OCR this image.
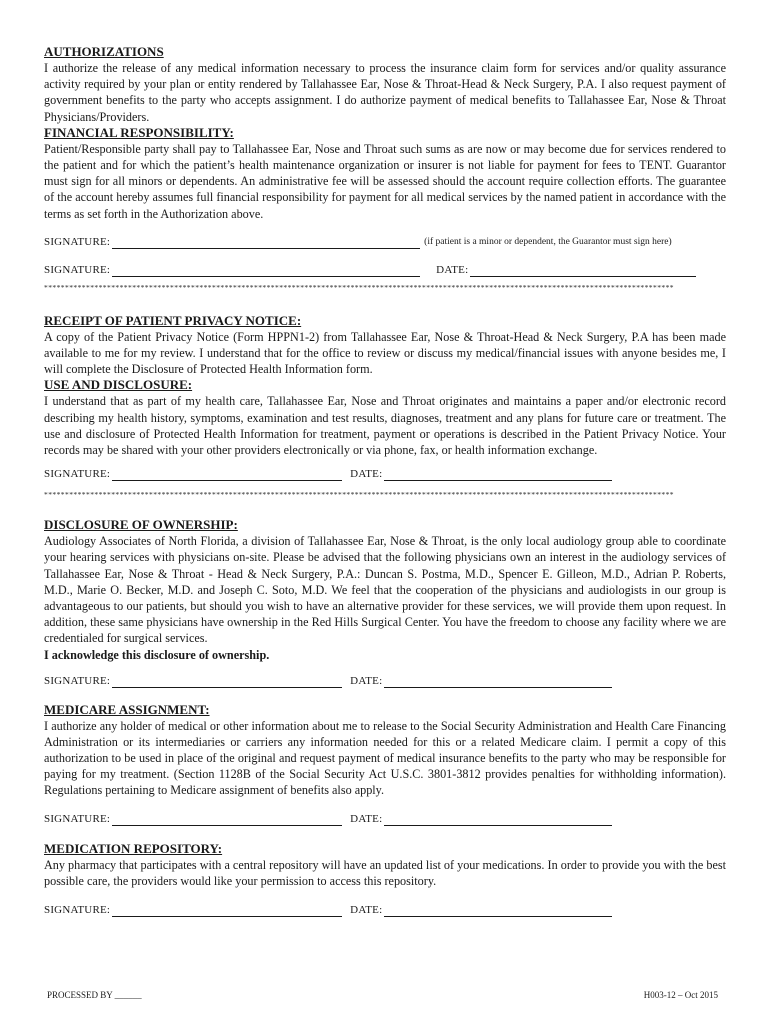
AUTHORIZATIONS

I authorize the release of any medical information necessary to process the insurance claim form for services and/or quality assurance activity required by your plan or entity rendered by Tallahassee Ear, Nose & Throat-Head & Neck Surgery, P.A. I also request payment of government benefits to the party who accepts assignment. I do authorize payment of medical benefits to Tallahassee Ear, Nose & Throat Physicians/Providers.

FINANCIAL RESPONSIBILITY:

Patient/Responsible party shall pay to Tallahassee Ear, Nose and Throat such sums as are now or may become due for services rendered to the patient and for which the patient’s health maintenance organization or insurer is not liable for payment for fees to TENT. Guarantor must sign for all minors or dependents. An administrative fee will be assessed should the account require collection efforts. The guarantee of the account hereby assumes full financial responsibility for payment for all medical services by the named patient in accordance with the terms as set forth in the Authorization above.

SIGNATURE:	(if patient is a minor or dependent, the Guarantor must sign here)
SIGNATURE:	DATE:
******************************************************************************************************************************************************

RECEIPT OF PATIENT PRIVACY NOTICE:

A copy of the Patient Privacy Notice (Form HPPN1-2) from Tallahassee Ear, Nose & Throat-Head & Neck Surgery, P.A has been made available to me for my review. I understand that for the office to review or discuss my medical/financial issues with anyone besides me, I will complete the Disclosure of Protected Health Information form.

USE AND DISCLOSURE:

I understand that as part of my health care, Tallahassee Ear, Nose and Throat originates and maintains a paper and/or electronic record describing my health history, symptoms, examination and test results, diagnoses, treatment and any plans for future care or treatment. The use and disclosure of Protected Health Information for treatment, payment or operations is described in the Patient Privacy Notice. Your records may be shared with your other providers electronically or via phone, fax, or health information exchange.

SIGNATURE:	DATE:
******************************************************************************************************************************************************

DISCLOSURE OF OWNERSHIP:

Audiology Associates of North Florida, a division of Tallahassee Ear, Nose & Throat, is the only local audiology group able to coordinate your hearing services with physicians on-site. Please be advised that the following physicians own an interest in the audiology services of Tallahassee Ear, Nose & Throat - Head & Neck Surgery, P.A.: Duncan S. Postma, M.D., Spencer E. Gilleon, M.D., Adrian P. Roberts, M.D., Marie O. Becker, M.D. and Joseph C. Soto, M.D. We feel that the cooperation of the physicians and audiologists in our group is advantageous to our patients, but should you wish to have an alternative provider for these services, we will provide them upon request. In addition, these same physicians have ownership in the Red Hills Surgical Center. You have the freedom to choose any facility where we are credentialed for surgical services.

I acknowledge this disclosure of ownership.

SIGNATURE:	DATE:

MEDICARE ASSIGNMENT:

I authorize any holder of medical or other information about me to release to the Social Security Administration and Health Care Financing Administration or its intermediaries or carriers any information needed for this or a related Medicare claim. I permit a copy of this authorization to be used in place of the original and request payment of medical insurance benefits to the party who may be responsible for paying for my treatment. (Section 1128B of the Social Security Act U.S.C. 3801-3812 provides penalties for withholding information). Regulations pertaining to Medicare assignment of benefits also apply.

SIGNATURE:	DATE:

MEDICATION REPOSITORY:

Any pharmacy that participates with a central repository will have an updated list of your medications. In order to provide you with the best possible care, the providers would like your permission to access this repository.

SIGNATURE:	DATE:
PROCESSED BY ______	H003-12 – Oct 2015
